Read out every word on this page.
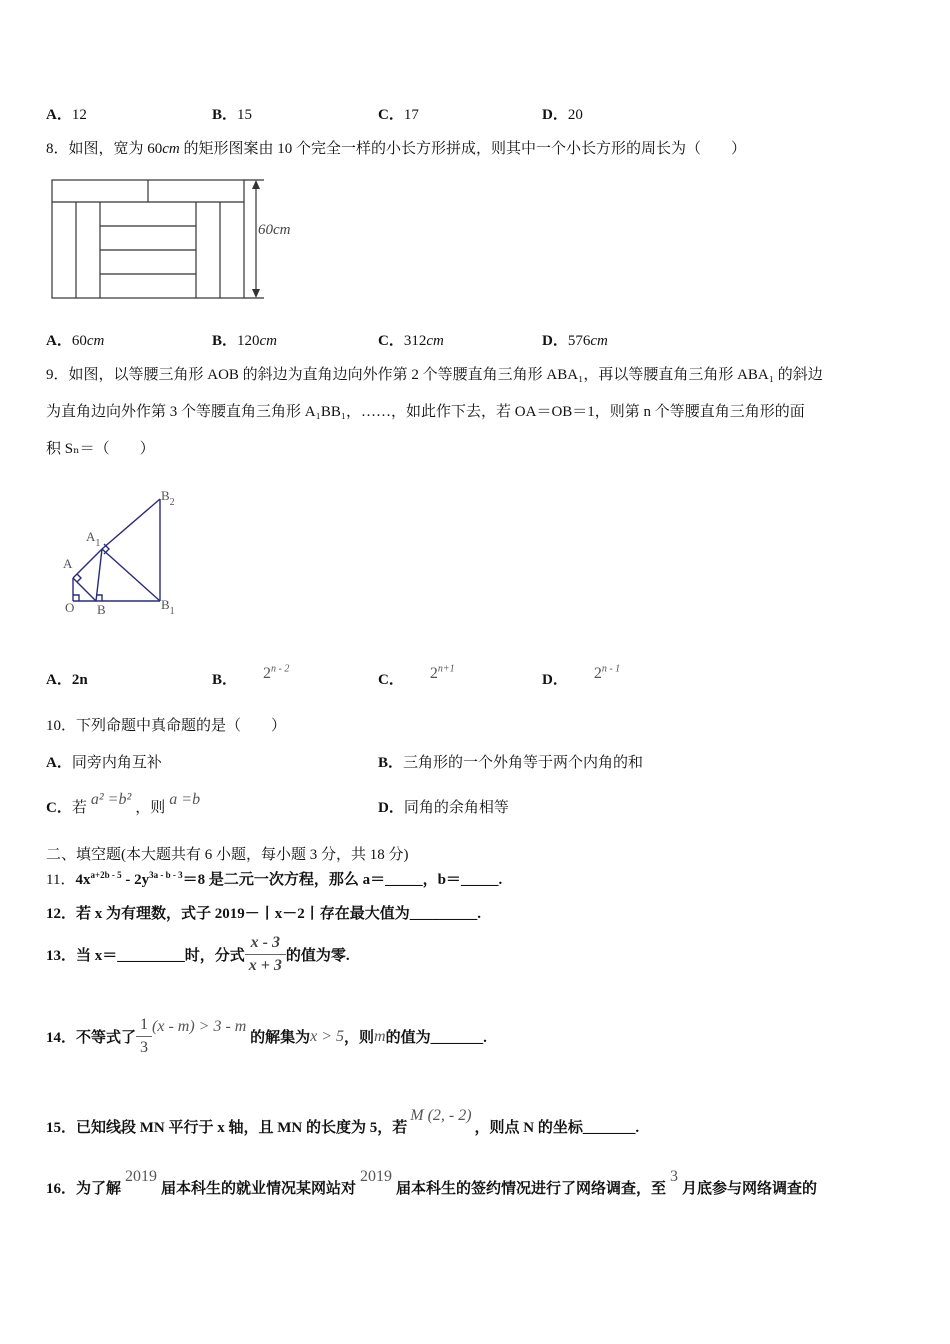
A．12	B．15	C．17	D．20
8．如图，宽为 60cm 的矩形图案由 10 个完全一样的小长方形拼成，则其中一个小长方形的周长为（　　）
60cm
A．60cm	B．120cm	C．312cm	D．576cm
9．如图，以等腰三角形 AOB 的斜边为直角边向外作第 2 个等腰直角三角形 ABA₁，再以等腰直角三角形 ABA₁ 的斜边
为直角边向外作第 3 个等腰直角三角形 A₁BB₁，……，如此作下去，若 OA＝OB＝1，则第 n 个等腰直角三角形的面
积 Sₙ＝（　　）
$B_2$
$A_1$
A
O B	$B_1$
A．2n	B． 2$^{n - 2}$
C． $2^{n+1}$
D． 2$^{n - 1}$
10．下列命题中真命题的是（　　）
A．同旁内角互补	B．三角形的一个外角等于两个内角的和
C．若 a² =b² ，则 a =b	D．同角的余角相等
二、填空题(本大题共有 6 小题，每小题 3 分，共 18 分)
11．$4x^{a+2b - 5} - 2y^{3a - b - 3}=8$ 是二元一次方程，那么 a＝_____，b＝_____.
12．若 x 为有理数，式子 2019－丨x－2丨存在最大值为_________.
13．当 x＝_________时，分式 $\frac{x - 3}{x + 3}$ 的值为零.
14．不等式了 $\frac{1}{3} (x - m) > 3 - m$ 的解集为x > 5，则m的值为_______.
15．已知线段 MN 平行于 x 轴，且 MN 的长度为 5，若M (2, - 2)，则点 N 的坐标_______.
16．为了解2019届本科生的就业情况某网站对2019届本科生的签约情况进行了网络调查，至3月底参与网络调查的
